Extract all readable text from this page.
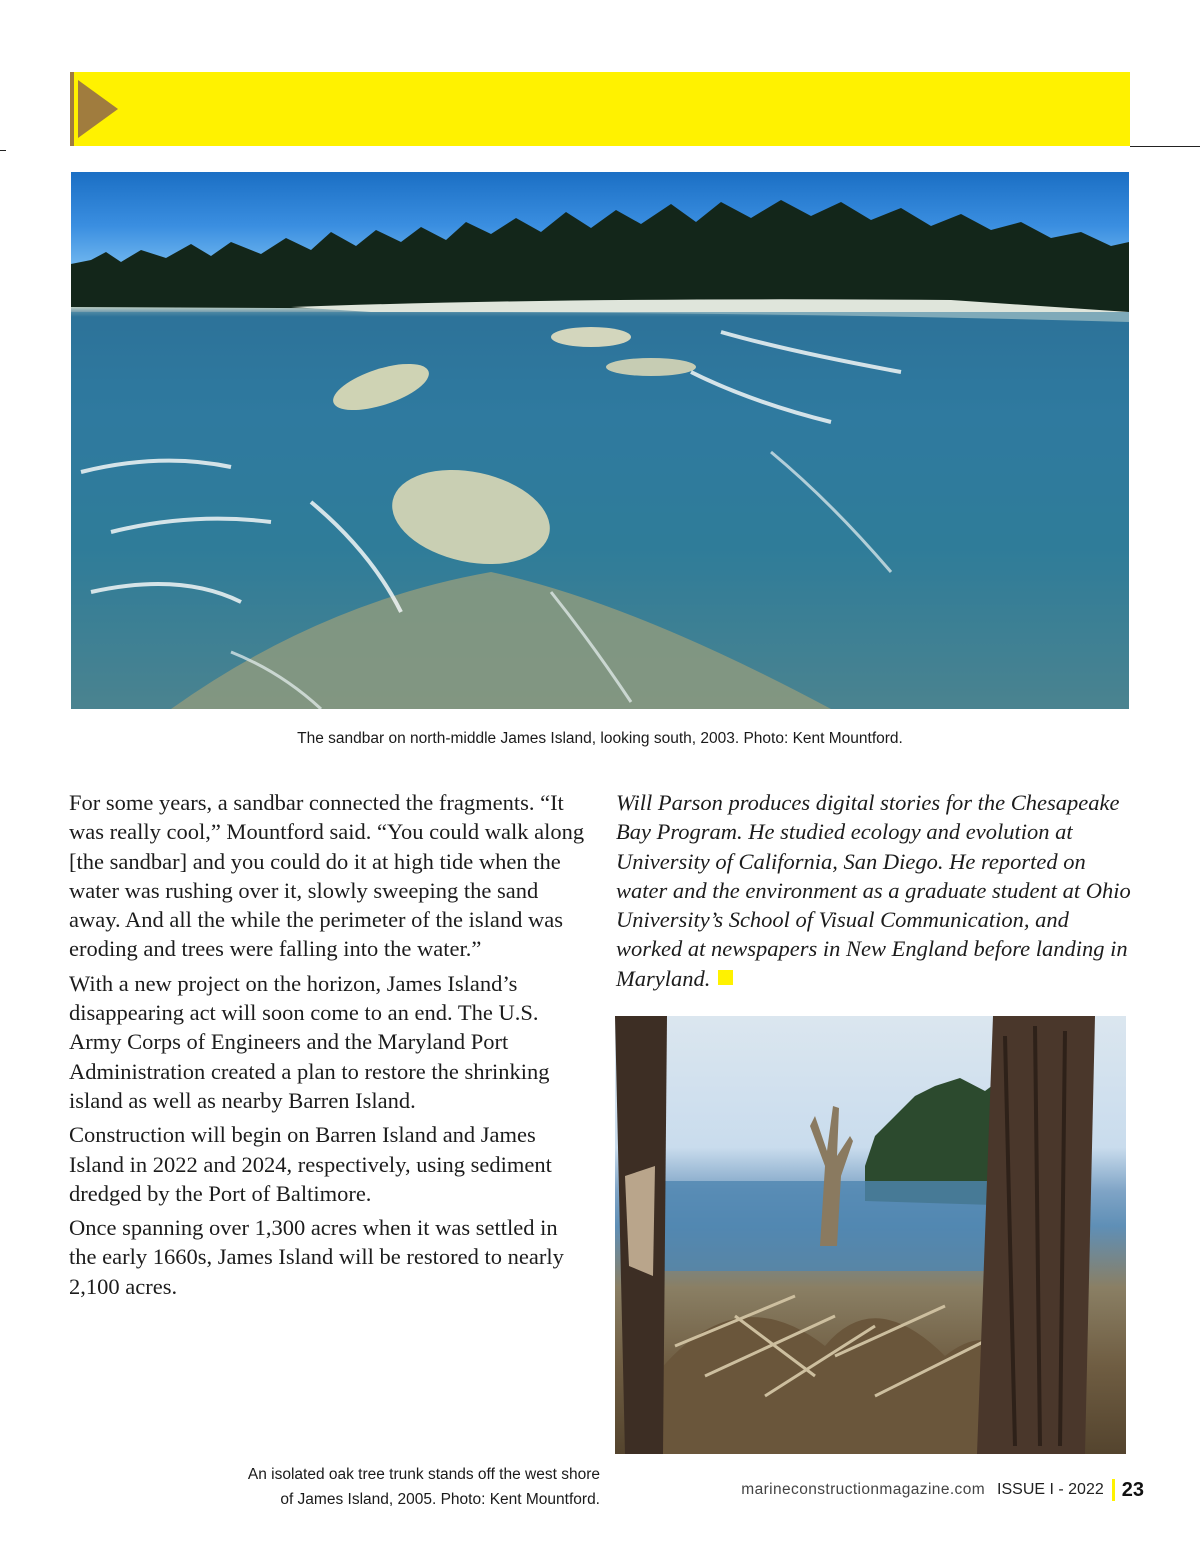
The sandbar on north-middle James Island, looking south, 2003. Photo: Kent Mountford.

For some years, a sandbar connected the fragments. “It was really cool,” Mountford said. “You could walk along [the sandbar] and you could do it at high tide when the water was rushing over it, slowly sweeping the sand away. And all the while the perimeter of the island was eroding and trees were falling into the water.”

With a new project on the horizon, James Island’s disappearing act will soon come to an end. The U.S. Army Corps of Engineers and the Maryland Port Administration created a plan to restore the shrinking island as well as nearby Barren Island.

Construction will begin on Barren Island and James Island in 2022 and 2024, respectively, using sediment dredged by the Port of Baltimore.

Once spanning over 1,300 acres when it was settled in the early 1660s, James Island will be restored to nearly 2,100 acres.

Will Parson produces digital stories for the Chesapeake Bay Program. He studied ecology and evolution at University of California, San Diego. He reported on water and the environment as a graduate student at Ohio University’s School of Visual Communication, and worked at newspapers in New England before landing in Maryland.
An isolated oak tree trunk stands off the west shore
of James Island, 2005. Photo: Kent Mountford.
marineconstructionmagazine.com ISSUE I - 2022 23
